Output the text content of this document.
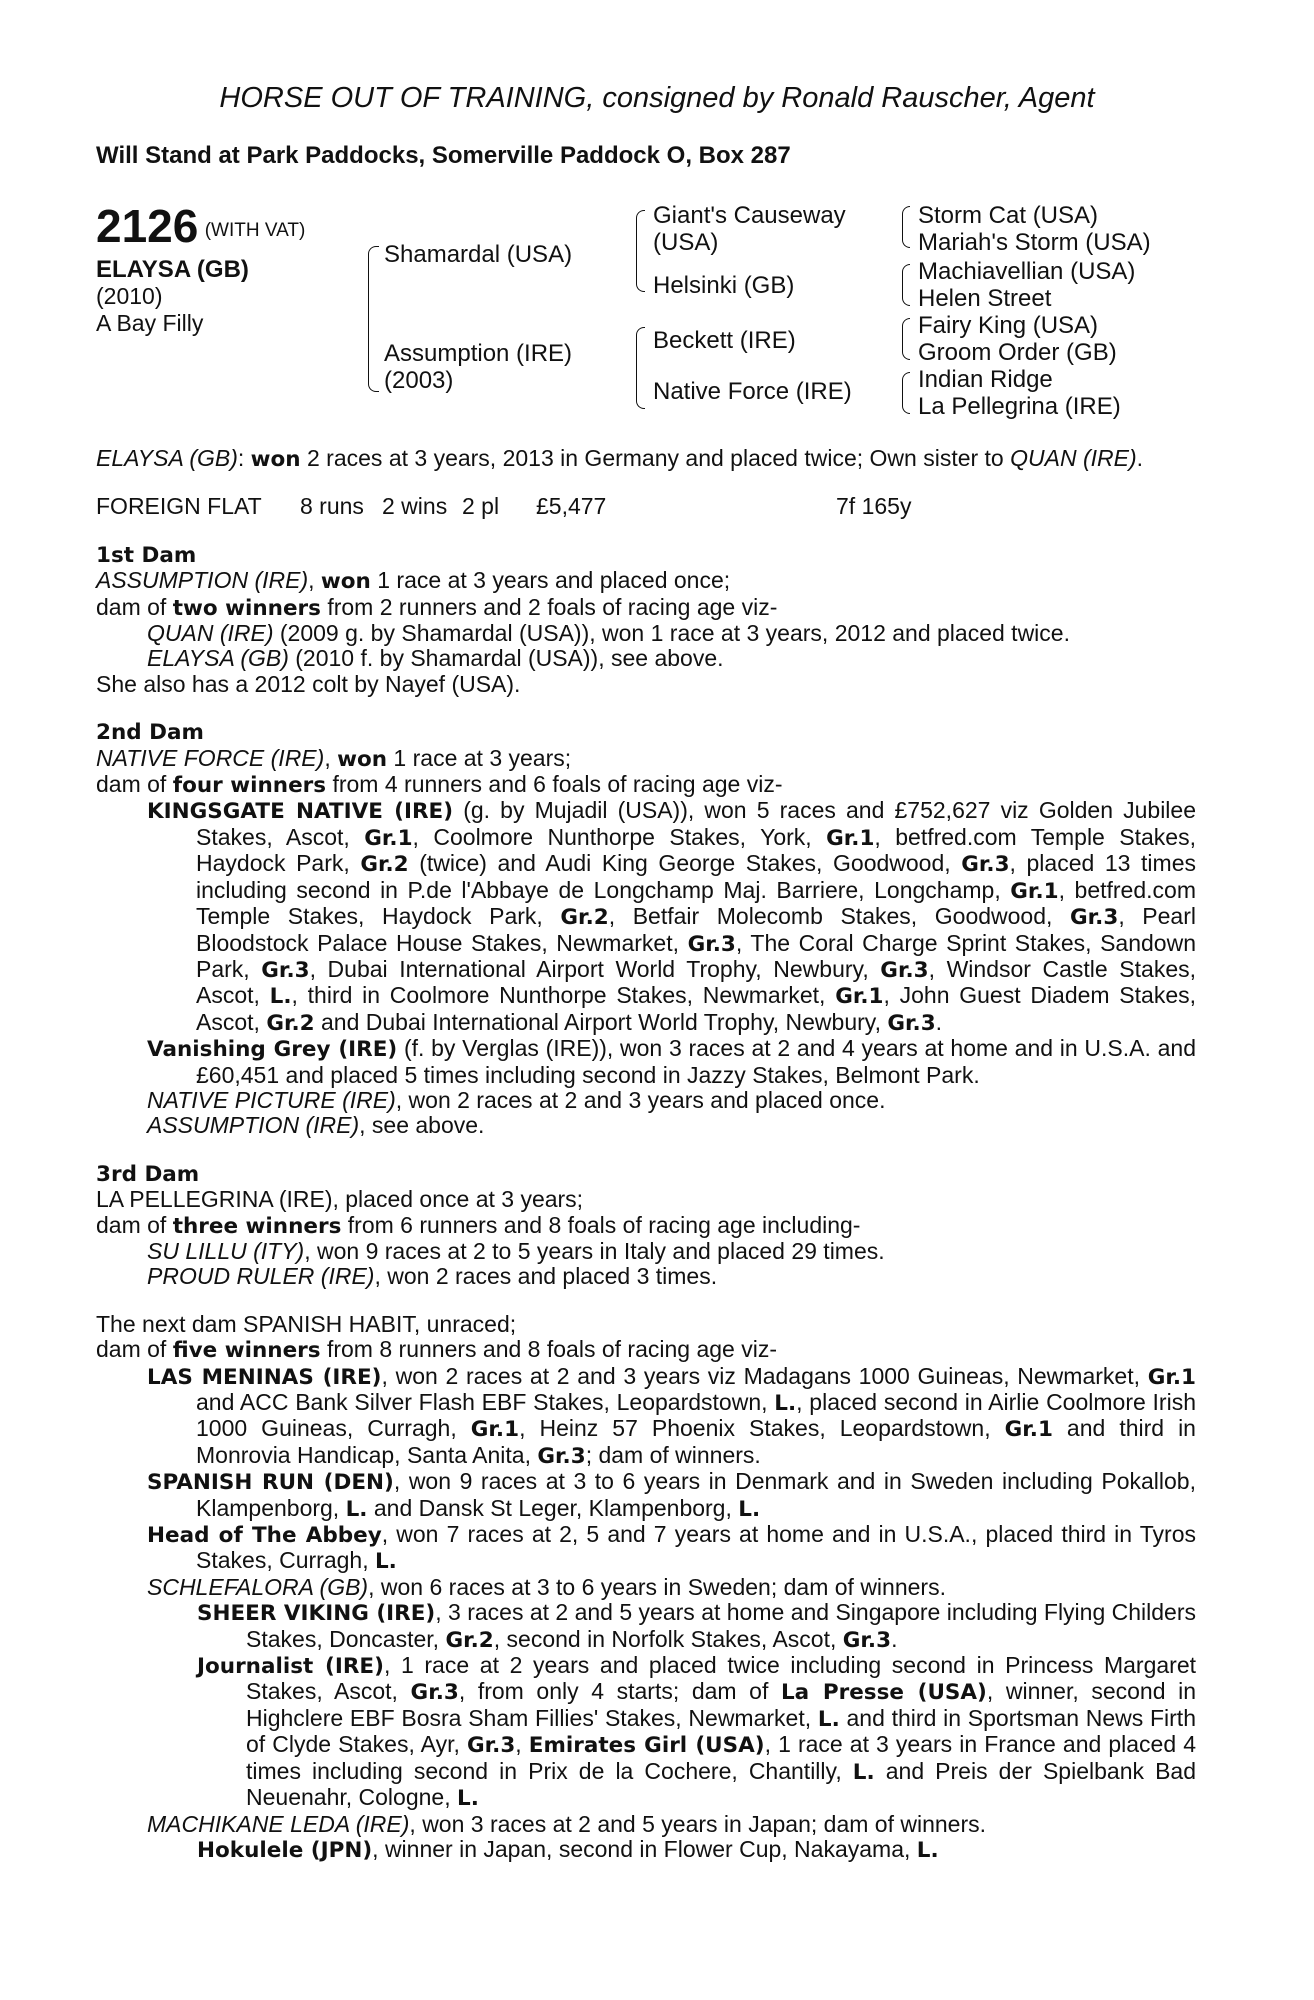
HORSE OUT OF TRAINING, consigned by Ronald Rauscher, Agent
Will Stand at Park Paddocks, Somerville Paddock O, Box 287
2126 $^{(WITH VAT)}$
ELAYSA (GB)
(2010)
A Bay Filly
Shamardal (USA)
Assumption (IRE)
(2003)
Giant's Causeway
(USA)
Helsinki (GB)
Beckett (IRE)
Native Force (IRE)
Storm Cat (USA)
Mariah's Storm (USA)
Machiavellian (USA)
Helen Street
Fairy King (USA)
Groom Order (GB)
Indian Ridge
La Pellegrina (IRE)

ELAYSA (GB): won 2 races at 3 years, 2013 in Germany and placed twice; Own sister to QUAN (IRE).

FOREIGN FLAT 8 runs 2 wins 2 pl £5,477	7f 165y

1st Dam

ASSUMPTION (IRE), won 1 race at 3 years and placed once;

dam of two winners from 2 runners and 2 foals of racing age viz-

QUAN (IRE) (2009 g. by Shamardal (USA)), won 1 race at 3 years, 2012 and placed twice.

ELAYSA (GB) (2010 f. by Shamardal (USA)), see above.

She also has a 2012 colt by Nayef (USA).

2nd Dam

NATIVE FORCE (IRE), won 1 race at 3 years;

dam of four winners from 4 runners and 6 foals of racing age viz-

KINGSGATE NATIVE (IRE) (g. by Mujadil (USA)), won 5 races and £752,627 viz Golden Jubilee Stakes, Ascot, Gr.1, Coolmore Nunthorpe Stakes, York, Gr.1, betfred.com Temple Stakes, Haydock Park, Gr.2 (twice) and Audi King George Stakes, Goodwood, Gr.3, placed 13 times including second in P.de l'Abbaye de Longchamp Maj. Barriere, Longchamp, Gr.1, betfred.com Temple Stakes, Haydock Park, Gr.2, Betfair Molecomb Stakes, Goodwood, Gr.3, Pearl Bloodstock Palace House Stakes, Newmarket, Gr.3, The Coral Charge Sprint Stakes, Sandown Park, Gr.3, Dubai International Airport World Trophy, Newbury, Gr.3, Windsor Castle Stakes, Ascot, L., third in Coolmore Nunthorpe Stakes, Newmarket, Gr.1, John Guest Diadem Stakes, Ascot, Gr.2 and Dubai International Airport World Trophy, Newbury, Gr.3.

Vanishing Grey (IRE) (f. by Verglas (IRE)), won 3 races at 2 and 4 years at home and in U.S.A. and £60,451 and placed 5 times including second in Jazzy Stakes, Belmont Park.

NATIVE PICTURE (IRE), won 2 races at 2 and 3 years and placed once.

ASSUMPTION (IRE), see above.

3rd Dam

LA PELLEGRINA (IRE), placed once at 3 years;

dam of three winners from 6 runners and 8 foals of racing age including-

SU LILLU (ITY), won 9 races at 2 to 5 years in Italy and placed 29 times.

PROUD RULER (IRE), won 2 races and placed 3 times.

The next dam SPANISH HABIT, unraced;

dam of five winners from 8 runners and 8 foals of racing age viz-

LAS MENINAS (IRE), won 2 races at 2 and 3 years viz Madagans 1000 Guineas, Newmarket, Gr.1 and ACC Bank Silver Flash EBF Stakes, Leopardstown, L., placed second in Airlie Coolmore Irish 1000 Guineas, Curragh, Gr.1, Heinz 57 Phoenix Stakes, Leopardstown, Gr.1 and third in Monrovia Handicap, Santa Anita, Gr.3; dam of winners.

SPANISH RUN (DEN), won 9 races at 3 to 6 years in Denmark and in Sweden including Pokallob, Klampenborg, L. and Dansk St Leger, Klampenborg, L.

Head of The Abbey, won 7 races at 2, 5 and 7 years at home and in U.S.A., placed third in Tyros Stakes, Curragh, L.

SCHLEFALORA (GB), won 6 races at 3 to 6 years in Sweden; dam of winners.

SHEER VIKING (IRE), 3 races at 2 and 5 years at home and Singapore including Flying Childers Stakes, Doncaster, Gr.2, second in Norfolk Stakes, Ascot, Gr.3.

Journalist (IRE), 1 race at 2 years and placed twice including second in Princess Margaret Stakes, Ascot, Gr.3, from only 4 starts; dam of La Presse (USA), winner, second in Highclere EBF Bosra Sham Fillies' Stakes, Newmarket, L. and third in Sportsman News Firth of Clyde Stakes, Ayr, Gr.3, Emirates Girl (USA), 1 race at 3 years in France and placed 4 times including second in Prix de la Cochere, Chantilly, L. and Preis der Spielbank Bad Neuenahr, Cologne, L.

MACHIKANE LEDA (IRE), won 3 races at 2 and 5 years in Japan; dam of winners.

Hokulele (JPN), winner in Japan, second in Flower Cup, Nakayama, L.
